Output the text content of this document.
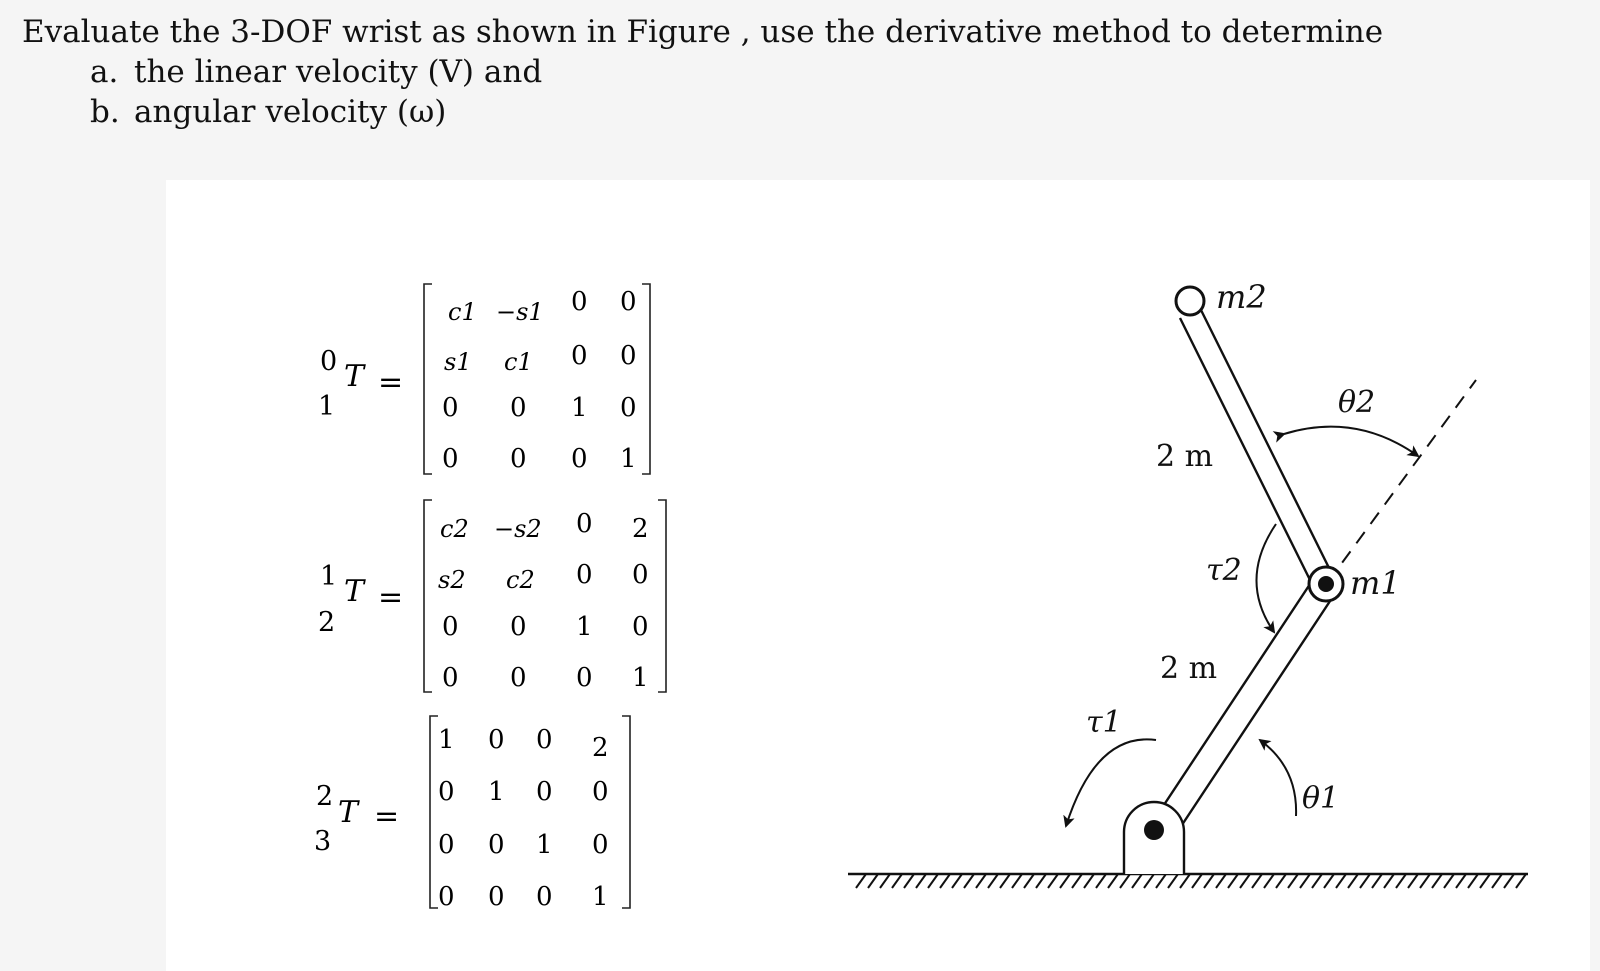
Evaluate the 3-DOF wrist as shown in Figure , use the derivative method to determine
a. the linear velocity (V) and
b. angular velocity (ω)
0 T
1
=
c1 −s1 0 0
s1 c1 0 0
0 0 1 0
0 0 0 1
1 T
2
=
c2 −s2 0 2
s2 c2 0 0
0 0 1 0
0 0 0 1
2 T
3
=
1 0 0 2
0 1 0 0
0 0 1 0
0 0 0 1
m2
m1
θ2
θ1
τ2
τ1
2 m
2 m
